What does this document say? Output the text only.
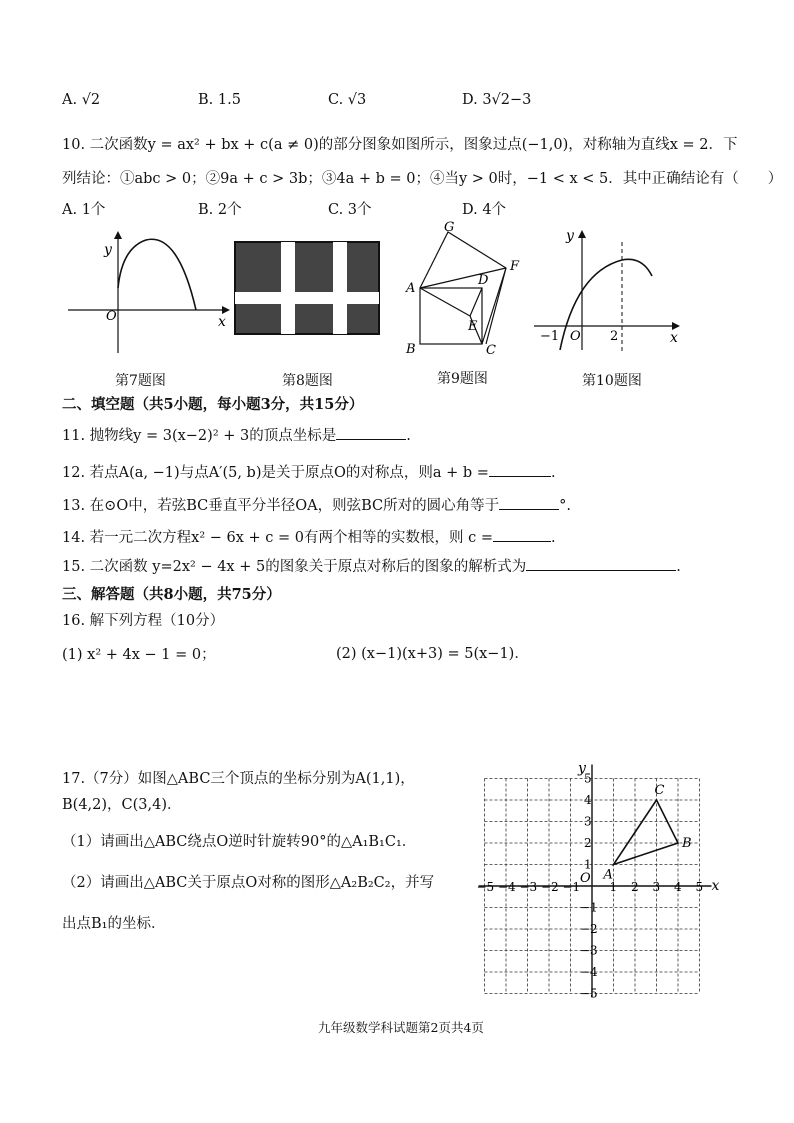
A. √2	B. 1.5	C. √3	D. 3√2−3
10. 二次函数y = ax² + bx + c(a ≠ 0)的部分图象如图所示，图象过点(−1,0)，对称轴为直线x = 2．下
列结论：①abc > 0；②9a + c > 3b；③4a + b = 0；④当y > 0时，−1 < x < 5．其中正确结论有（　　）
A. 1个	B. 2个	C. 3个	D. 4个
y
x
O
第7题图	第8题图
G
F
D
A
E
B	C
第9题图
y
x
O
−1	2
第10题图
二、填空题（共5小题，每小题3分，共15分）
11. 抛物线y = 3(x−2)² + 3的顶点坐标是	.
12. 若点A(a, −1)与点A′(5, b)是关于原点O的对称点，则a + b =	.
13. 在⊙O中，若弦BC垂直平分半径OA，则弦BC所对的圆心角等于	°.
14. 若一元二次方程x² − 6x + c = 0有两个相等的实数根，则 c =	.
15. 二次函数 y=2x² − 4x + 5的图象关于原点对称后的图象的解析式为	.
三、解答题（共8小题，共75分）
16. 解下列方程（10分）
(1) x² + 4x − 1 = 0；	(2) (x−1)(x+3) = 5(x−1)．
17.（7分）如图△ABC三个顶点的坐标分别为A(1,1)，
B(4,2)，C(3,4)．
（1）请画出△ABC绕点O逆时针旋转90°的△A₁B₁C₁．
（2）请画出△ABC关于原点O对称的图形△A₂B₂C₂，并写
出点B₁的坐标．
−5 −4 −3 −2 −1 1 2 3 4 5
5
4
3
2
1
−1
−2
−3
−4
−5
A
B
C
x
y
O
九年级数学科试题第2页共4页
